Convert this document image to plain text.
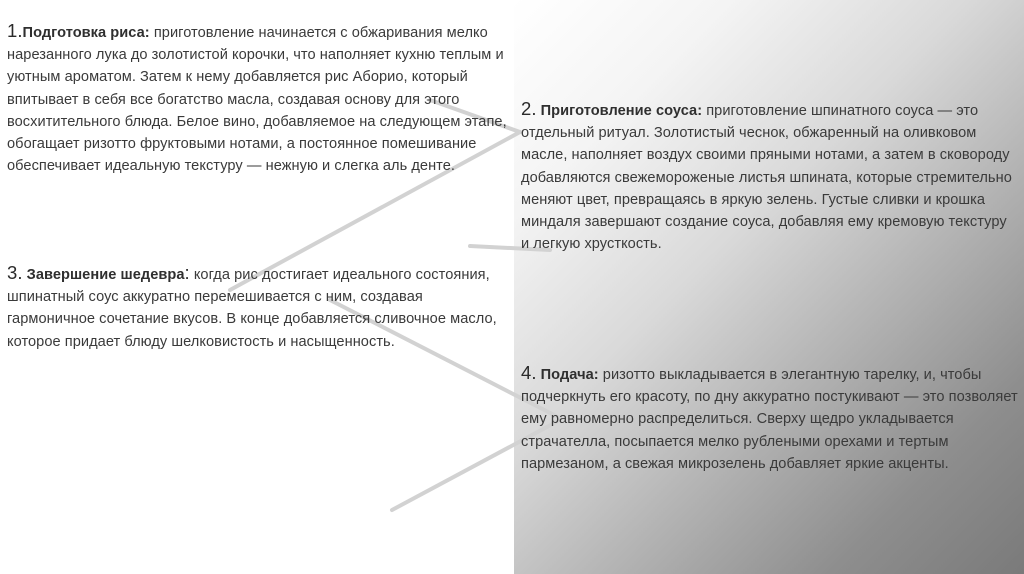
1.Подготовка риса: приготовление начинается с обжаривания мелко нарезанного лука до золотистой корочки, что наполняет кухню теплым и уютным ароматом. Затем к нему добавляется рис Аборио, который впитывает в себя все богатство масла, создавая основу для этого восхитительного блюда. Белое вино, добавляемое на следующем этапе, обогащает ризотто фруктовыми нотами, а постоянное помешивание обеспечивает идеальную текстуру — нежную и слегка аль денте.
2. Приготовление соуса: приготовление шпинатного соуса — это отдельный ритуал. Золотистый чеснок, обжаренный на оливковом масле, наполняет воздух своими пряными нотами, а затем в сковороду добавляются свежемороженые листья шпината, которые стремительно меняют цвет, превращаясь в яркую зелень. Густые сливки и крошка миндаля завершают создание соуса, добавляя ему кремовую текстуру и легкую хрусткость.
3. Завершение шедевра: когда рис достигает идеального состояния, шпинатный соус аккуратно перемешивается с ним, создавая гармоничное сочетание вкусов. В конце добавляется сливочное масло, которое придает блюду шелковистость и насыщенность.
4. Подача: ризотто выкладывается в элегантную тарелку, и, чтобы подчеркнуть его красоту, по дну аккуратно постукивают — это позволяет ему равномерно распределиться. Сверху щедро укладывается страчателла, посыпается мелко рублеными орехами и тертым пармезаном, а свежая микрозелень добавляет яркие акценты.
